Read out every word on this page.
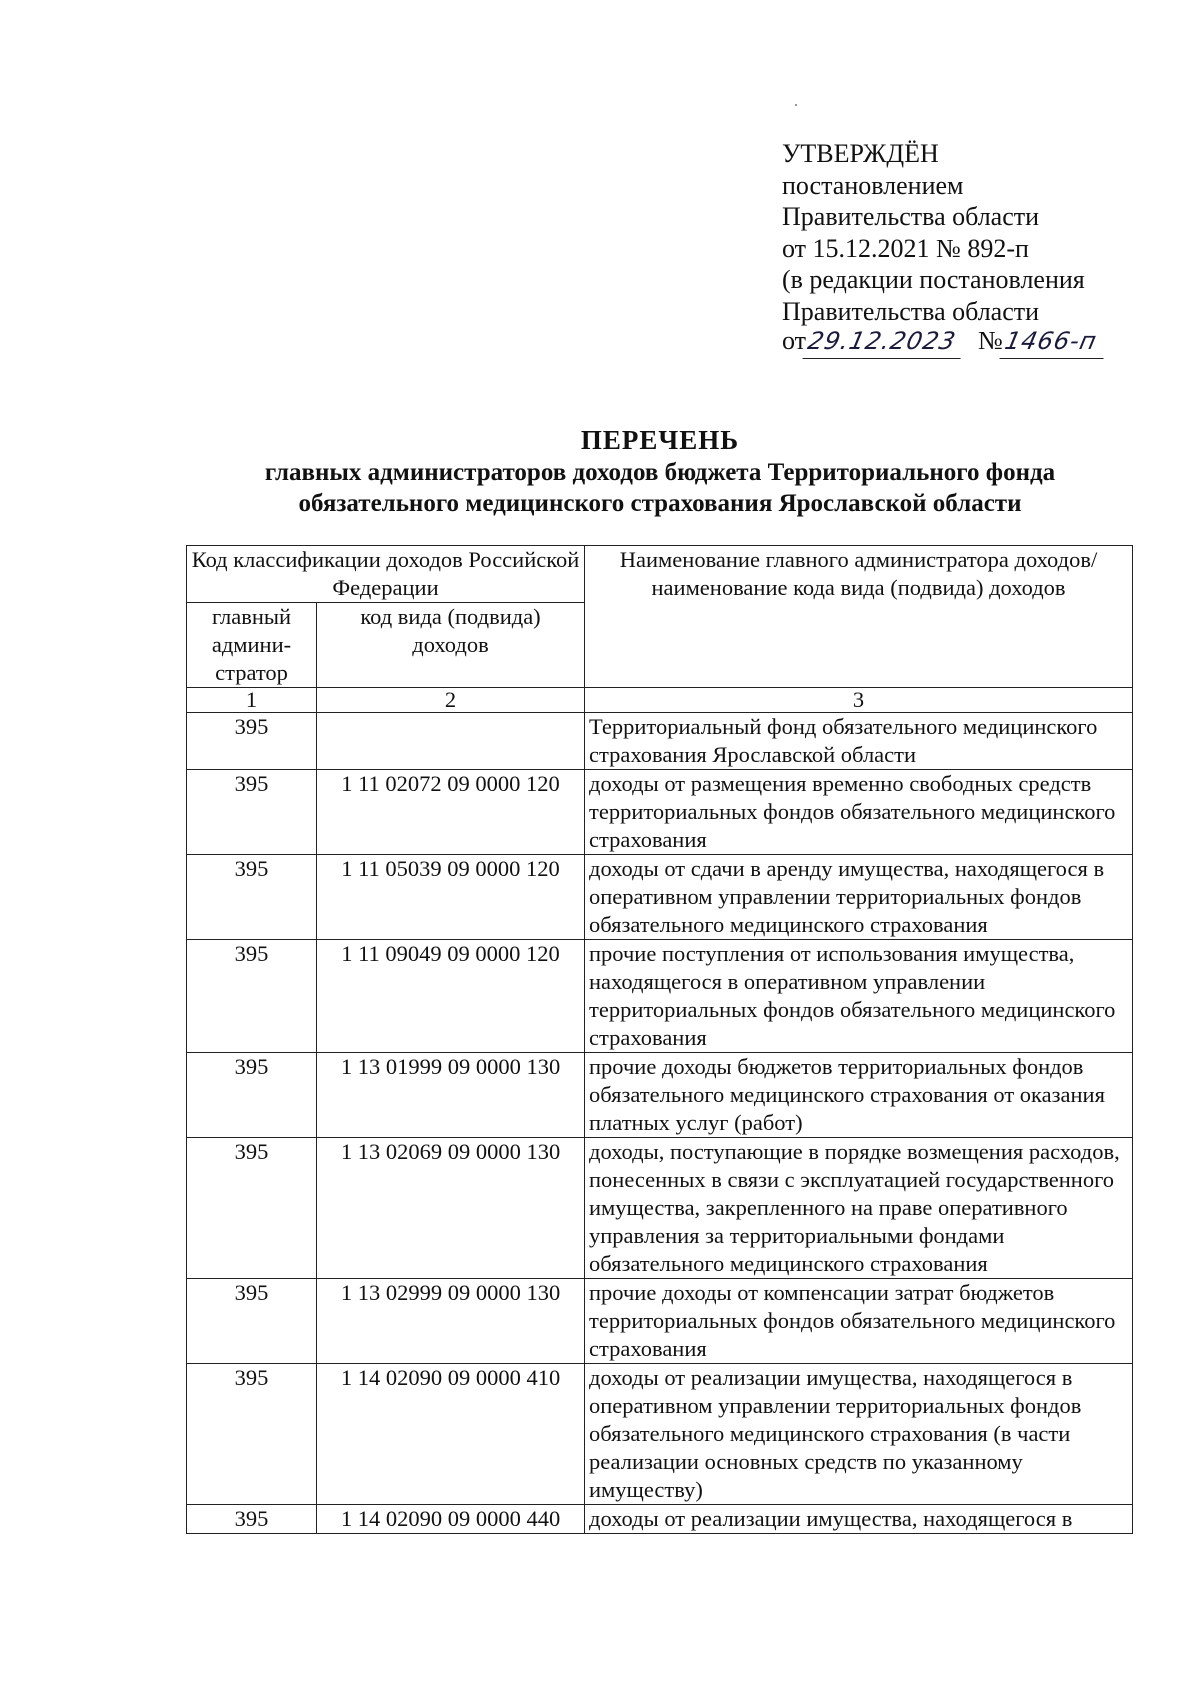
УТВЕРЖДЁН
постановлением
Правительства области
от 15.12.2021 № 892-п
(в редакции постановления
Правительства области
от 29.12.2023 № 1466-п
ПЕРЕЧЕНЬ
главных администраторов доходов бюджета Территориального фонда
обязательного медицинского страхования Ярославской области
Код классификации доходов Российской Федерации		Наименование главного администратора доходов/наименование кода вида (подвида) доходов
главный админи-стратор	код вида (подвида) доходов	
1	2	3
395		Территориальный фонд обязательного медицинского страхования Ярославской области
395	1 11 02072 09 0000 120	доходы от размещения временно свободных средств территориальных фондов обязательного медицинского страхования
395	1 11 05039 09 0000 120	доходы от сдачи в аренду имущества, находящегося в оперативном управлении территориальных фондов обязательного медицинского страхования
395	1 11 09049 09 0000 120	прочие поступления от использования имущества, находящегося в оперативном управлении территориальных фондов обязательного медицинского страхования
395	1 13 01999 09 0000 130	прочие доходы бюджетов территориальных фондов обязательного медицинского страхования от оказания платных услуг (работ)
395	1 13 02069 09 0000 130	доходы, поступающие в порядке возмещения расходов, понесенных в связи с эксплуатацией государственного имущества, закрепленного на праве оперативного управления за территориальными фондами обязательного медицинского страхования
395	1 13 02999 09 0000 130	прочие доходы от компенсации затрат бюджетов территориальных фондов обязательного медицинского страхования
395	1 14 02090 09 0000 410	доходы от реализации имущества, находящегося в оперативном управлении территориальных фондов обязательного медицинского страхования (в части реализации основных средств по указанному имуществу)
395	1 14 02090 09 0000 440	доходы от реализации имущества, находящегося в
